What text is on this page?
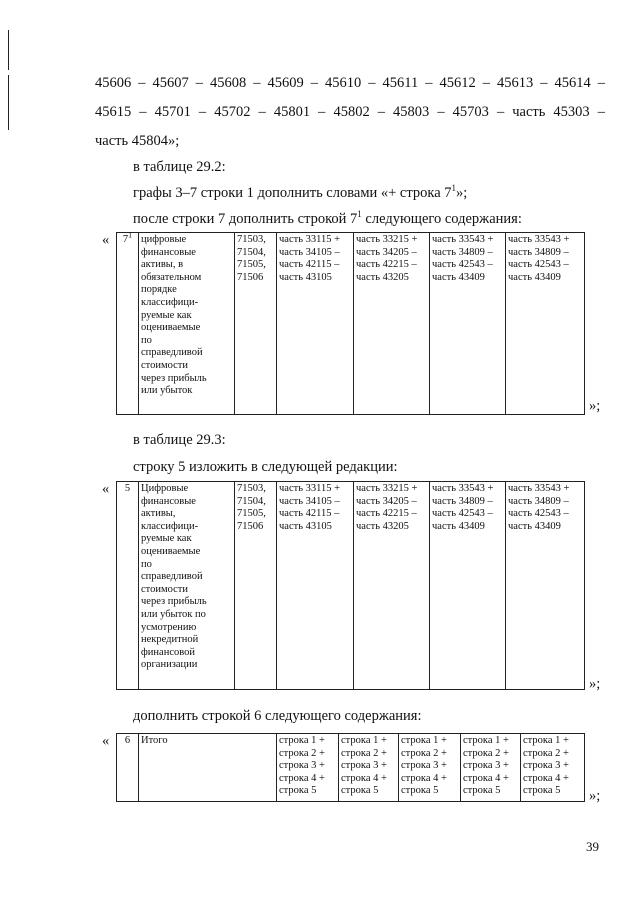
45606 – 45607 – 45608 – 45609 – 45610 – 45611 – 45612 – 45613 – 45614 –
45615 – 45701 – 45702 – 45801 – 45802 – 45803 – 45703 – часть 45303 –
часть 45804»;
в таблице 29.2:
графы 3–7 строки 1 дополнить словами «+ строка $7^1$»;
после строки 7 дополнить строкой $7^1$ следующего содержания:
« $7^1$	цифровые
финансовые
активы, в
обязательном
порядке
классифици-
руемые как
оцениваемые
по
справедливой
стоимости
через прибыль
или убыток

71503,
71504,
71505,
71506

часть 33115 +
часть 34105 –
часть 42115 –
часть 43105

часть 33215 +
часть 34205 –
часть 42215 –
часть 43205

часть 33543 +
часть 34809 –
часть 42543 –
часть 43409

часть 33543 +
часть 34809 –
часть 42543 –
часть 43409
»;
в таблице 29.3:
строку 5 изложить в следующей редакции:
« 5	Цифровые
финансовые
активы,
классифици-
руемые как
оцениваемые
по
справедливой
стоимости
через прибыль
или убыток по
усмотрению
некредитной
финансовой
организации

71503,
71504,
71505,
71506

часть 33115 +
часть 34105 –
часть 42115 –
часть 43105

часть 33215 +
часть 34205 –
часть 42215 –
часть 43205

часть 33543 +
часть 34809 –
часть 42543 –
часть 43409

часть 33543 +
часть 34809 –
часть 42543 –
часть 43409
»;
дополнить строкой 6 следующего содержания:
« 6	Итого	строка 1 +
строка 2 +
строка 3 +
строка 4 +
строка 5

строка 1 +
строка 2 +
строка 3 +
строка 4 +
строка 5

строка 1 +
строка 2 +
строка 3 +
строка 4 +
строка 5

строка 1 +
строка 2 +
строка 3 +
строка 4 +
строка 5

строка 1 +
строка 2 +
строка 3 +
строка 4 +
строка 5	»;
39
